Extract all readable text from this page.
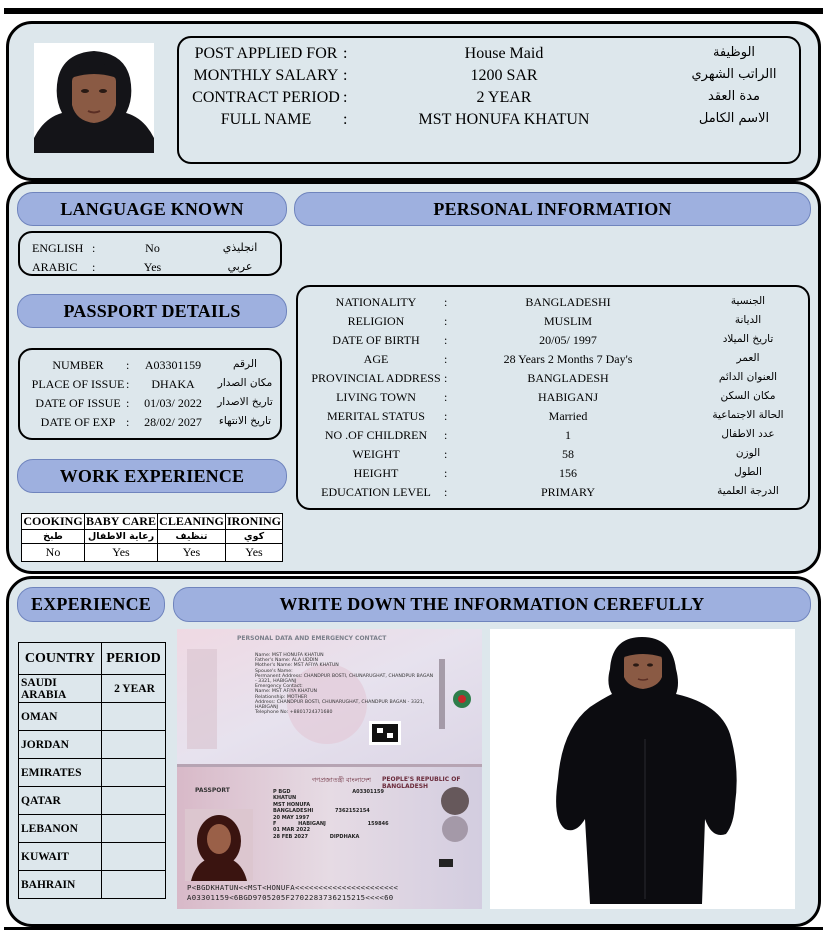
POST APPLIED FOR :	House Maid	الوظيفة
MONTHLY SALARY :	1200 SAR	االراتب الشهري
CONTRACT PERIOD :	2 YEAR	مدة العقد
FULL NAME	:	MST HONUFA KHATUN	الاسم الكامل
LANGUAGE KNOWN	PERSONAL INFORMATION
ENGLISH :	No	انجليذي
ARABIC	:	Yes	عربي
PASSPORT DETAILS
NUMBER	:	A03301159	الرقم
PLACE OF ISSUE :	DHAKA	مكان الصدار
DATE OF ISSUE :	01/03/ 2022	تاريخ الاصدار
DATE OF EXP :	28/02/ 2027	تاريخ الانتهاء
NATIONALITY	:	BANGLADESHI	الجنسية
RELIGION	:	MUSLIM	الديانة
DATE OF BIRTH	:	20/05/ 1997	تاريخ الميلاد
AGE	:	28 Years 2 Months 7 Day's	العمر
PROVINCIAL ADDRESS :	BANGLADESH	العنوان الدائم
LIVING TOWN	:	HABIGANJ	مكان السكن
MERITAL STATUS	:	Married	الحالة الاجتماعية
NO .OF CHILDREN	:	1	عدد الاطفال
WEIGHT	:	58	الوزن
HEIGHT	:	156	الطول
EDUCATION LEVEL	:	PRIMARY	الدرجة العلمية
WORK EXPERIENCE
COOKING	BABY CARE	CLEANING	IRONING
طبخ	رعاية الاطفال	تنظيف	كوي
No	Yes	Yes	Yes
EXPERIENCE	WRITE DOWN THE INFORMATION CEREFULLY
COUNTRY	PERIOD
SAUDI ARABIA	2 YEAR
OMAN	
JORDAN	
EMIRATES	
QATAR	
LEBANON	
KUWAIT	
BAHRAIN	
PERSONAL DATA AND EMERGENCY CONTACT
Name: MST HONUFA KHATUN
Father's Name: ALA UDDIN
Mother's Name: MST AFIYA KHATUN
Spouse's Name:
Permanent Address: CHANDPUR BOSTI, CHUNARUGHAT, CHANDPUR BAGAN - 3321, HABIGANJ
Emergency Contact:
Name: MST AFIYA KHATUN
Relationship: MOTHER
Address: CHANDPUR BOSTI, CHUNARUGHAT, CHANDPUR BAGAN - 3321, HABIGANJ
Telephone No: +8801724371680
গণপ্রজাতন্ত্রী বাংলাদেশ PEOPLE'S REPUBLIC OF BANGLADESH
PASSPORT	P BGD	A03301159
KHATUN
MST HONUFA
BANGLADESHI	7362152154
20 MAY 1997
F	HABIGANJ	159846
01 MAR 2022
28 FEB 2027	DIPDHAKA
P<BGDKHATUN<<MST<HONUFA<<<<<<<<<<<<<<<<<<<<<<
A03301159<6BGD9705205F2702283736215215<<<<60
